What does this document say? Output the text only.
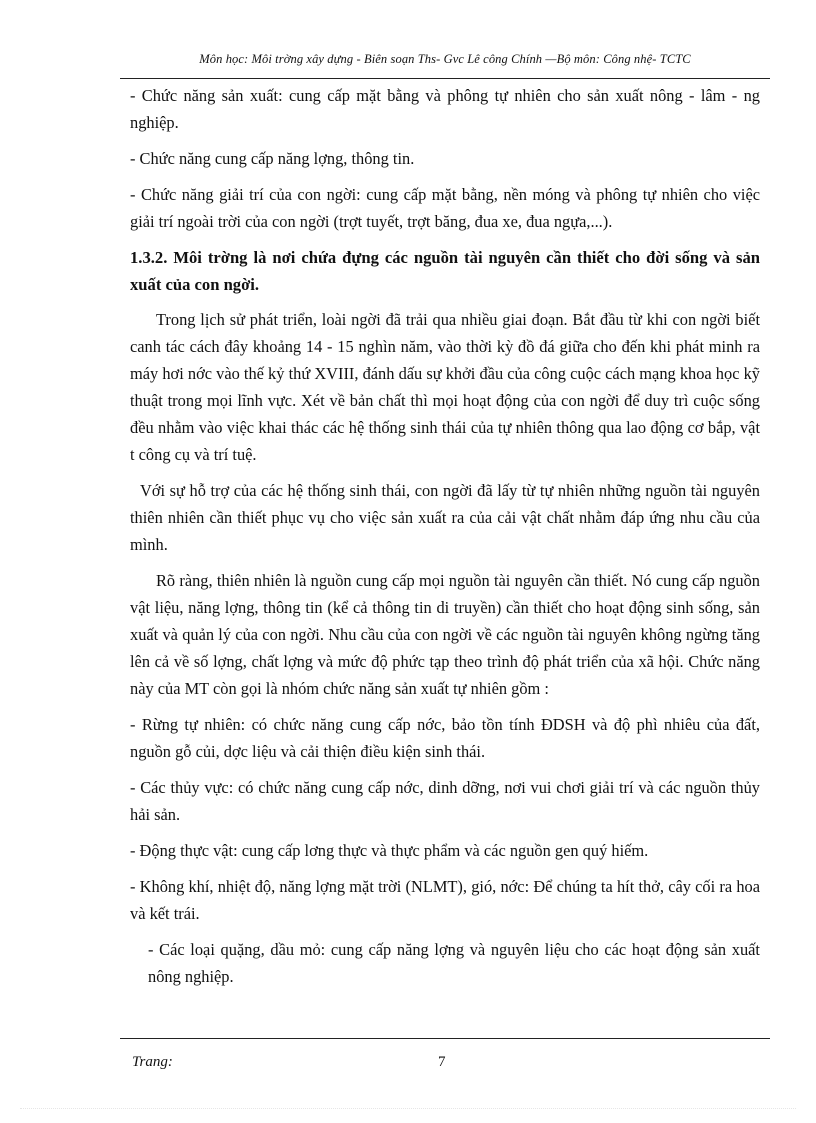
Môn học: Môi trờng xây dựng - Biên soạn Ths- Gvc Lê công Chính —Bộ môn: Công nhệ- TCTC

- Chức năng sản xuất: cung cấp mặt bằng và phông tự nhiên cho sản xuất nông - lâm - ng nghiệp.

- Chức năng cung cấp năng lợng, thông tin.

- Chức năng giải trí của con ngời: cung cấp mặt bằng, nền móng và phông tự nhiên cho việc giải trí ngoài trời của con ngời (trợt tuyết, trợt băng, đua xe, đua ngựa,...).

1.3.2. Môi trờng là nơi chứa đựng các nguồn tài nguyên cần thiết cho đời sống và sản xuất của con ngời.

Trong lịch sử phát triển, loài ngời đã trải qua nhiều giai đoạn. Bắt đầu từ khi con ngời biết canh tác cách đây khoảng 14 - 15 nghìn năm, vào thời kỳ đồ đá giữa cho đến khi phát minh ra máy hơi nớc vào thế kỷ thứ XVIII, đánh dấu sự khởi đầu của công cuộc cách mạng khoa học kỹ thuật trong mọi lĩnh vực. Xét về bản chất thì mọi hoạt động của con ngời để duy trì cuộc sống đều nhằm vào việc khai thác các hệ thống sinh thái của tự nhiên thông qua lao động cơ bắp, vật t công cụ và trí tuệ.

Với sự hỗ trợ của các hệ thống sinh thái, con ngời đã lấy từ tự nhiên những nguồn tài nguyên thiên nhiên cần thiết phục vụ cho việc sản xuất ra của cải vật chất nhằm đáp ứng nhu cầu của mình.

Rõ ràng, thiên nhiên là nguồn cung cấp mọi nguồn tài nguyên cần thiết. Nó cung cấp nguồn vật liệu, năng lợng, thông tin (kể cả thông tin di truyền) cần thiết cho hoạt động sinh sống, sản xuất và quản lý của con ngời. Nhu cầu của con ngời về các nguồn tài nguyên không ngừng tăng lên cả về số lợng, chất lợng và mức độ phức tạp theo trình độ phát triển của xã hội. Chức năng này của MT còn gọi là nhóm chức năng sản xuất tự nhiên gồm :

- Rừng tự nhiên: có chức năng cung cấp nớc, bảo tồn tính ĐDSH và độ phì nhiêu của đất, nguồn gỗ củi, dợc liệu và cải thiện điều kiện sinh thái.

- Các thủy vực: có chức năng cung cấp nớc, dinh dỡng, nơi vui chơi giải trí và các nguồn thủy hải sản.

- Động thực vật: cung cấp lơng thực và thực phẩm và các nguồn gen quý hiếm.

- Không khí, nhiệt độ, năng lợng mặt trời (NLMT), gió, nớc: Để chúng ta hít thở, cây cối ra hoa và kết trái.

- Các loại quặng, dầu mỏ: cung cấp năng lợng và nguyên liệu cho các hoạt động sản xuất nông nghiệp.

Trang:	7
